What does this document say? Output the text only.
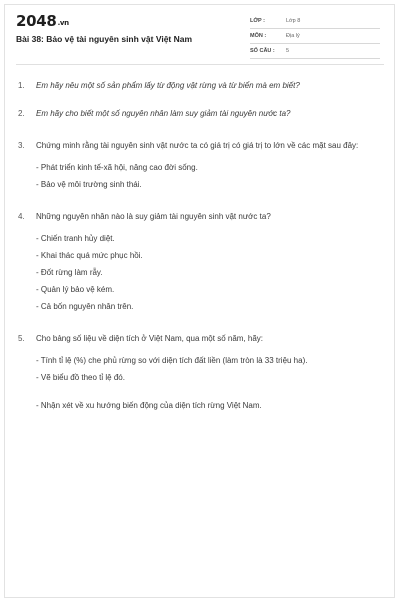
2048.vn
Bài 38: Bảo vệ tài nguyên sinh vật Việt Nam
LỚP :	Lớp 8
MÔN :	Địa lý
SỐ CÂU :	5
1.	Em hãy nêu một số sản phẩm lấy từ động vật rừng và từ biển mà em biết?
2.	Em hãy cho biết một số nguyên nhân làm suy giảm tài nguyên nước ta?
3.	Chứng minh rằng tài nguyên sinh vật nước ta có giá trị có giá trị to lớn về các mặt sau đây:
- Phát triển kinh tế-xã hội, nâng cao đời sống.
- Bảo vệ môi trường sinh thái.
4.	Những nguyên nhân nào là suy giảm tài nguyên sinh vật nước ta?
- Chiến tranh hủy diệt.
- Khai thác quá mức phục hồi.
- Đốt rừng làm rẫy.
- Quản lý bảo vệ kém.
- Cả bốn nguyên nhân trên.
5.	Cho bảng số liệu về diện tích ở Việt Nam, qua một số năm, hãy:
- Tính tỉ lệ (%) che phủ rừng so với diện tích đất liền (làm tròn là 33 triệu ha).
- Vẽ biểu đồ theo tỉ lệ đó.
- Nhận xét về xu hướng biến động của diện tích rừng Việt Nam.
